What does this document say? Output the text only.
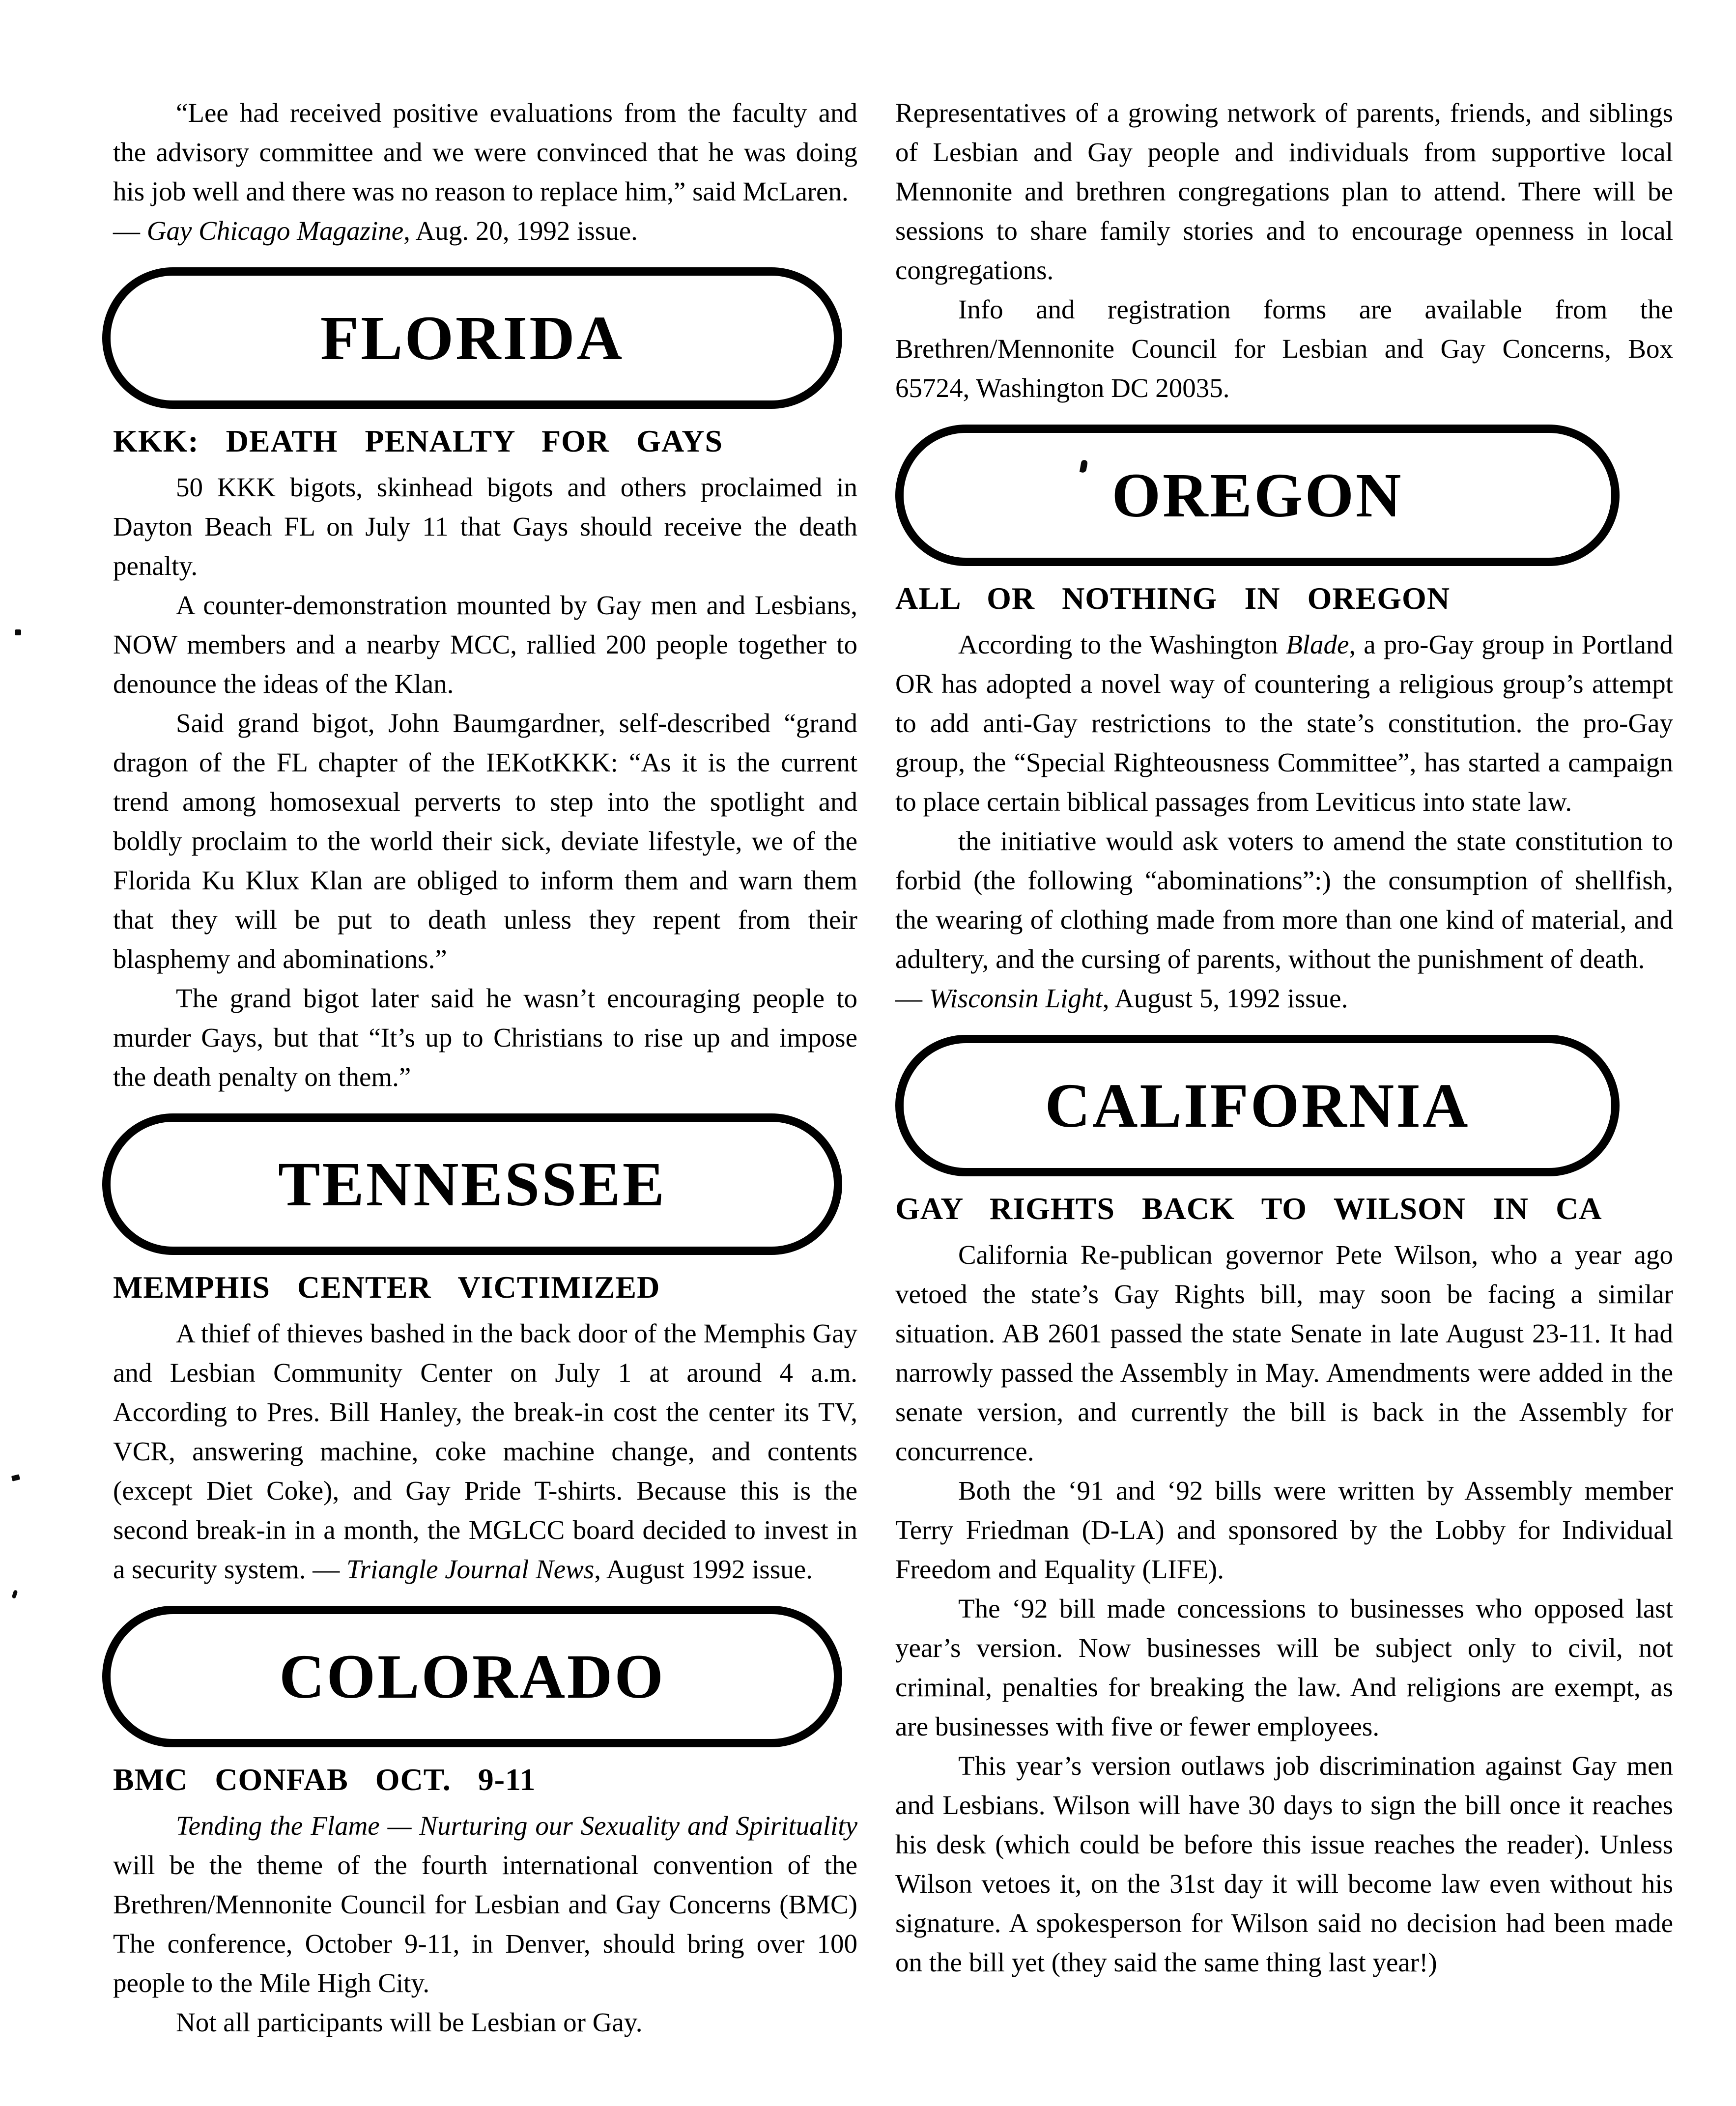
“Lee had received positive evaluations from the faculty and the advisory committee and we were convinced that he was doing his job well and there was no reason to replace him,” said McLaren.

— Gay Chicago Magazine, Aug. 20, 1992 issue.

FLORIDA
KKK: DEATH PENALTY FOR GAYS

50 KKK bigots, skinhead bigots and others proclaimed in Dayton Beach FL on July 11 that Gays should receive the death penalty.

A counter-demonstration mounted by Gay men and Lesbians, NOW members and a nearby MCC, rallied 200 people together to denounce the ideas of the Klan.

Said grand bigot, John Baumgardner, self-described “grand dragon of the FL chapter of the IEKotKKK: “As it is the current trend among homosexual perverts to step into the spotlight and boldly proclaim to the world their sick, deviate lifestyle, we of the Florida Ku Klux Klan are obliged to inform them and warn them that they will be put to death unless they repent from their blasphemy and abominations.”

The grand bigot later said he wasn’t encouraging people to murder Gays, but that “It’s up to Christians to rise up and impose the death penalty on them.”

TENNESSEE
MEMPHIS CENTER VICTIMIZED

A thief of thieves bashed in the back door of the Memphis Gay and Lesbian Community Center on July 1 at around 4 a.m. According to Pres. Bill Hanley, the break-in cost the center its TV, VCR, answering machine, coke machine change, and contents (except Diet Coke), and Gay Pride T-shirts. Because this is the second break-in in a month, the MGLCC board decided to invest in a security system. — Triangle Journal News, August 1992 issue.

COLORADO
BMC CONFAB OCT. 9-11

Tending the Flame — Nurturing our Sexuality and Spirituality will be the theme of the fourth international convention of the Brethren/Mennonite Council for Lesbian and Gay Concerns (BMC) The conference, October 9-11, in Denver, should bring over 100 people to the Mile High City.

Not all participants will be Lesbian or Gay.

Representatives of a growing network of parents, friends, and siblings of Lesbian and Gay people and individuals from supportive local Mennonite and brethren congregations plan to attend. There will be sessions to share family stories and to encourage openness in local congregations.

Info and registration forms are available from the Brethren/Mennonite Council for Lesbian and Gay Concerns, Box 65724, Washington DC 20035.

OREGON
ALL OR NOTHING IN OREGON

According to the Washington Blade, a pro-Gay group in Portland OR has adopted a novel way of countering a religious group’s attempt to add anti-Gay restrictions to the state’s constitution. the pro-Gay group, the “Special Righteousness Committee”, has started a campaign to place certain biblical passages from Leviticus into state law.

the initiative would ask voters to amend the state constitution to forbid (the following “abominations”:) the consumption of shellfish, the wearing of clothing made from more than one kind of material, and adultery, and the cursing of parents, without the punishment of death.

— Wisconsin Light, August 5, 1992 issue.

CALIFORNIA
GAY RIGHTS BACK TO WILSON IN CA

California Re-publican governor Pete Wilson, who a year ago vetoed the state’s Gay Rights bill, may soon be facing a similar situation. AB 2601 passed the state Senate in late August 23-11. It had narrowly passed the Assembly in May. Amendments were added in the senate version, and currently the bill is back in the Assembly for concurrence.

Both the ‘91 and ‘92 bills were written by Assembly member Terry Friedman (D-LA) and sponsored by the Lobby for Individual Freedom and Equality (LIFE).

The ‘92 bill made concessions to businesses who opposed last year’s version. Now businesses will be subject only to civil, not criminal, penalties for breaking the law. And religions are exempt, as are businesses with five or fewer employees.

This year’s version outlaws job discrimination against Gay men and Lesbians. Wilson will have 30 days to sign the bill once it reaches his desk (which could be before this issue reaches the reader). Unless Wilson vetoes it, on the 31st day it will become law even without his signature. A spokesperson for Wilson said no decision had been made on the bill yet (they said the same thing last year!)
